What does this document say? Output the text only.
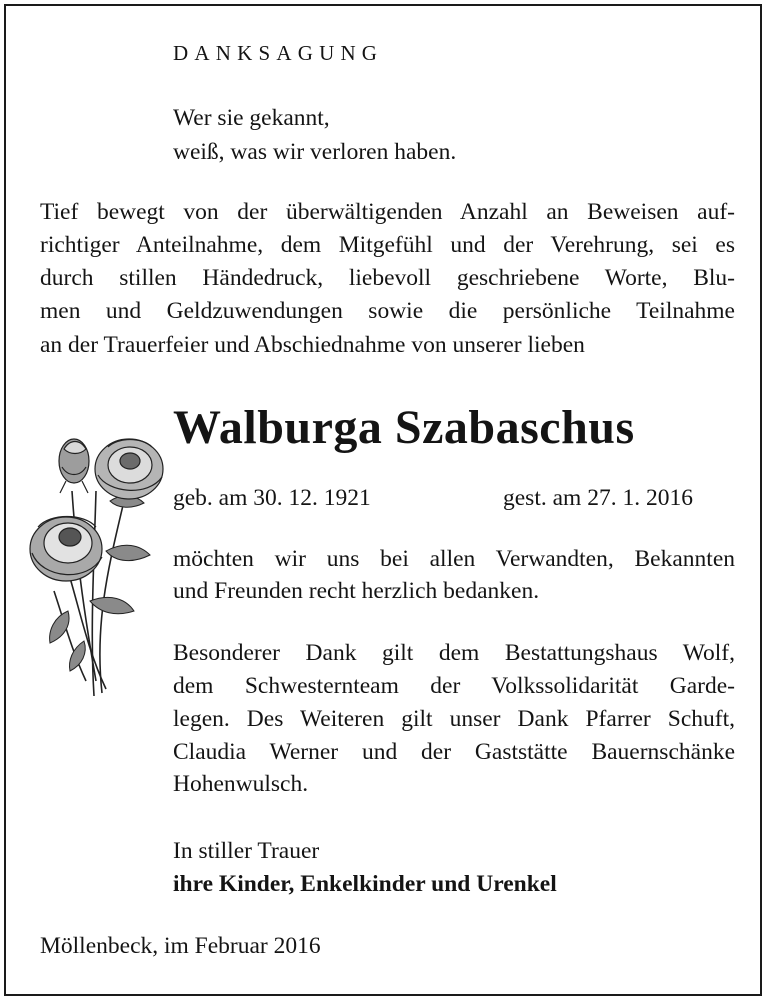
DANKSAGUNG
Wer sie gekannt,
weiß, was wir verloren haben.
Tief bewegt von der überwältigenden Anzahl an Beweisen auf-
richtiger Anteilnahme, dem Mitgefühl und der Verehrung, sei es
durch stillen Händedruck, liebevoll geschriebene Worte, Blu-
men und Geldzuwendungen sowie die persönliche Teilnahme
an der Trauerfeier und Abschiednahme von unserer lieben
Walburga Szabaschus
geb. am 30. 12. 1921	gest. am 27. 1. 2016
möchten wir uns bei allen Verwandten, Bekannten
und Freunden recht herzlich bedanken.
Besonderer Dank gilt dem Bestattungshaus Wolf,
dem Schwesternteam der Volkssolidarität Garde-
legen. Des Weiteren gilt unser Dank Pfarrer Schuft,
Claudia Werner und der Gaststätte Bauernschänke
Hohenwulsch.
In stiller Trauer
ihre Kinder, Enkelkinder und Urenkel
Möllenbeck, im Februar 2016
